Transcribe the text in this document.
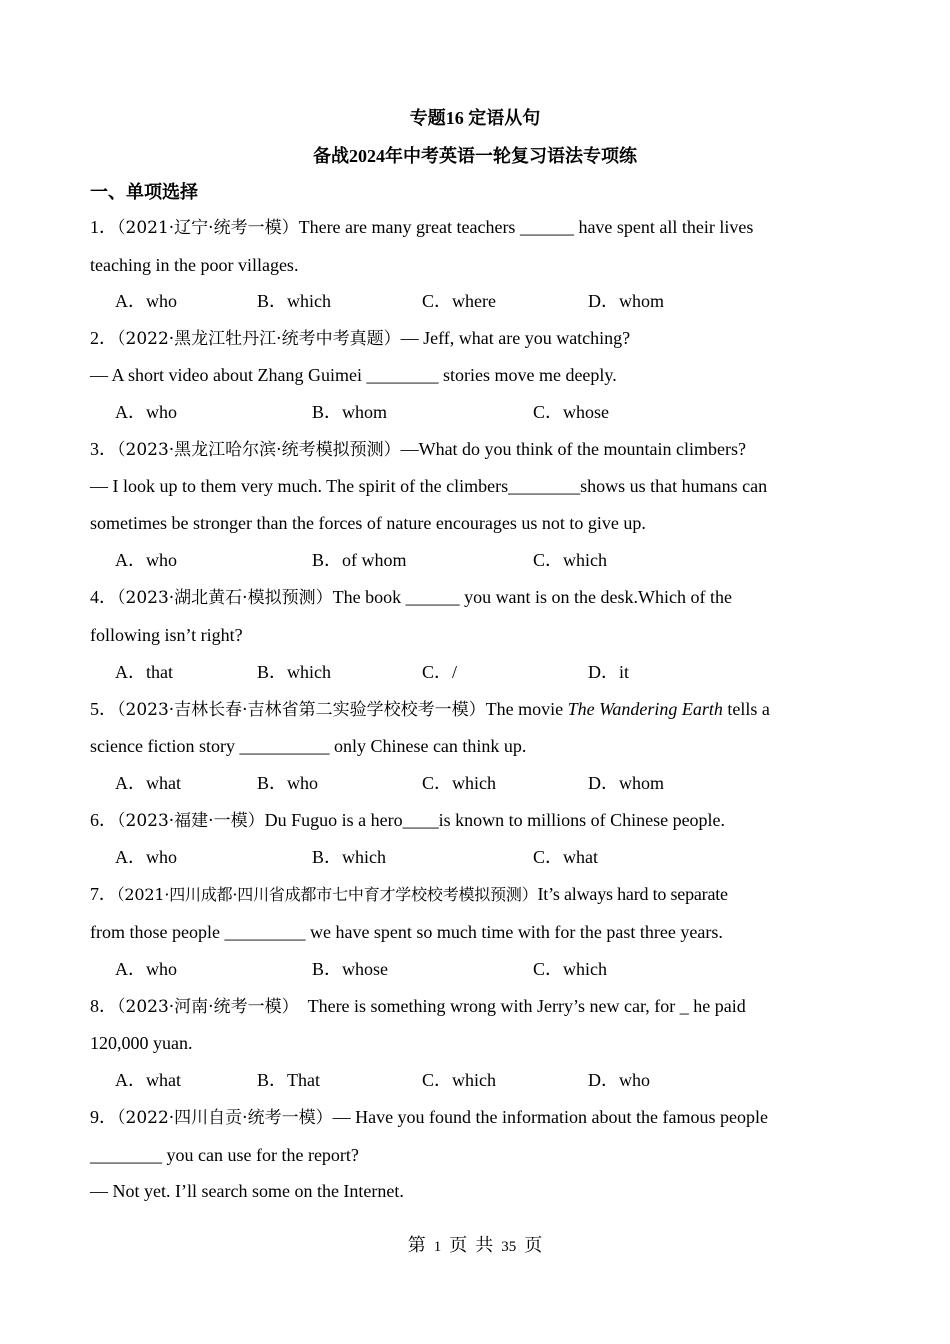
专题16 定语从句
备战2024年中考英语一轮复习语法专项练
一、单项选择
1．（2021·辽宁·统考一模）There are many great teachers ______ have spent all their lives
teaching in the poor villages.
A．who	B．which	C．where	D．whom
2．（2022·黑龙江牡丹江·统考中考真题）— Jeff, what are you watching?
— A short video about Zhang Guimei ________ stories move me deeply.
A．who	B．whom	C．whose
3．（2023·黑龙江哈尔滨·统考模拟预测）—What do you think of the mountain climbers?
— I look up to them very much. The spirit of the climbers________shows us that humans can
sometimes be stronger than the forces of nature encourages us not to give up.
A．who	B．of whom	C．which
4．（2023·湖北黄石·模拟预测）The book ______ you want is on the desk.Which of the
following isn’t right?
A．that	B．which	C．/	D．it
5．（2023·吉林长春·吉林省第二实验学校校考一模）The movie The Wandering Earth tells a
science fiction story __________ only Chinese can think up.
A．what	B．who	C．which	D．whom
6．（2023·福建·一模）Du Fuguo is a hero____is known to millions of Chinese people.
A．who	B．which	C．what
7．（2021·四川成都·四川省成都市七中育才学校校考模拟预测）It’s always hard to separate
from those people _________ we have spent so much time with for the past three years.
A．who	B．whose	C．which
8．（2023·河南·统考一模）  There is something wrong with Jerry’s new car, for _ he paid
120,000 yuan.
A．what	B．That	C．which	D．who
9．（2022·四川自贡·统考一模）— Have you found the information about the famous people
________ you can use for the report?
— Not yet. I’ll search some on the Internet.
第 1 页 共 35 页
